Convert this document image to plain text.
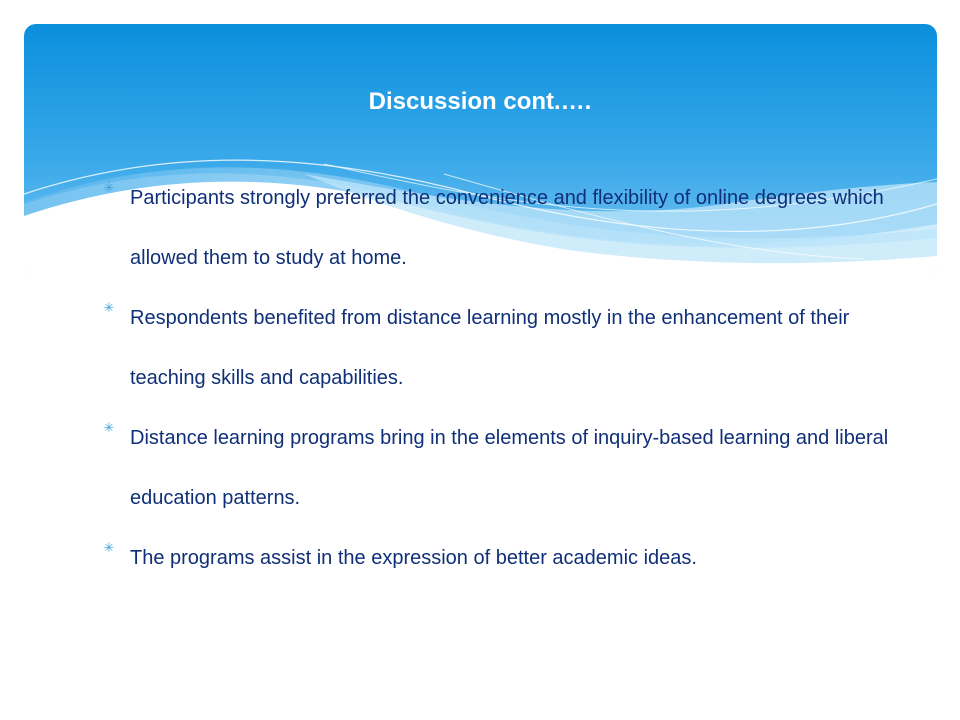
Discussion cont.….
✳ Participants strongly preferred the convenience and flexibility of online degrees which allowed them to study at home.
✳ Respondents benefited from distance learning mostly in the enhancement of their teaching skills and capabilities.
✳ Distance learning programs bring in the elements of inquiry-based learning and liberal education patterns.
✳ The programs assist in the expression of better academic ideas.
